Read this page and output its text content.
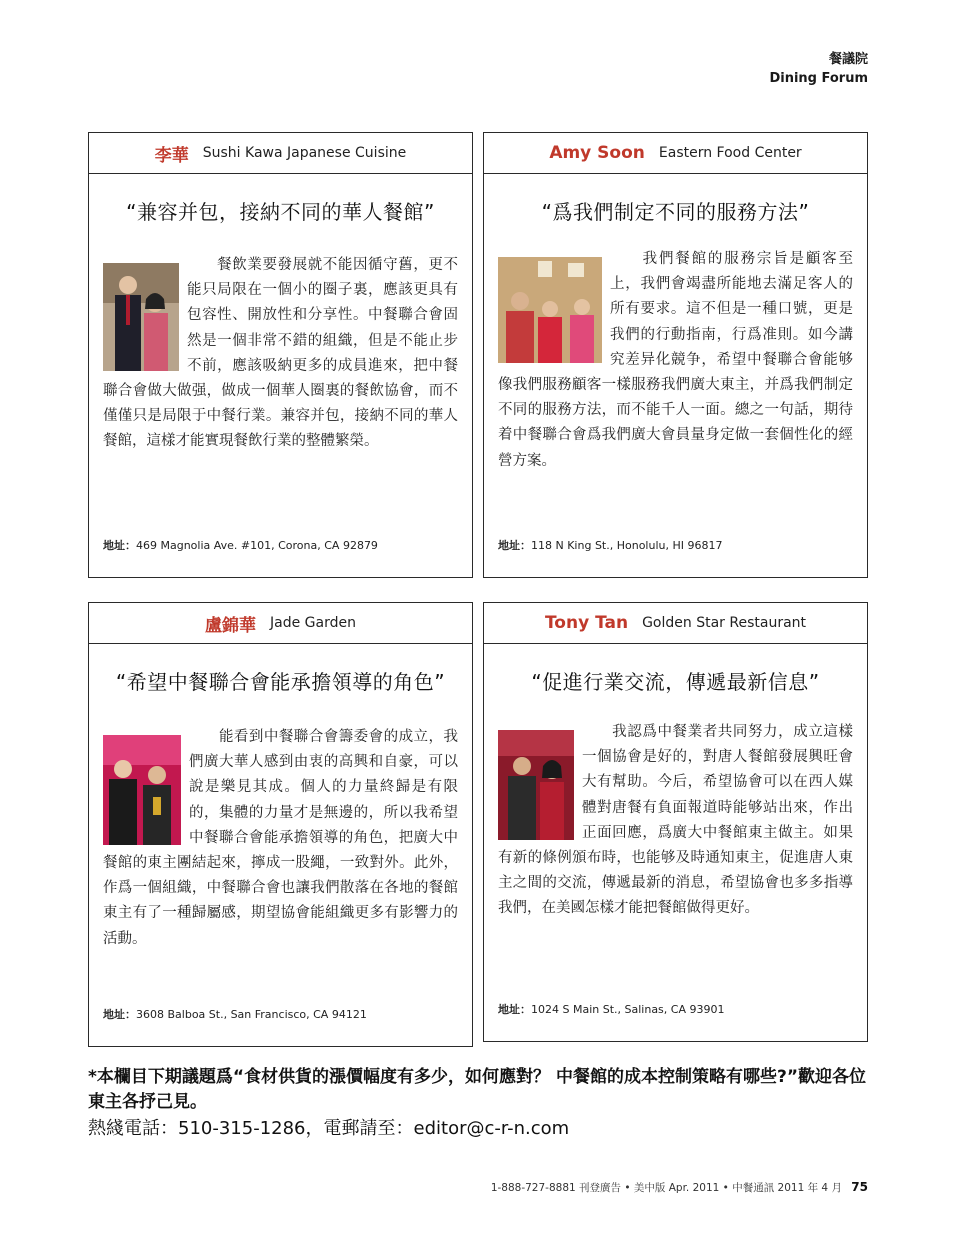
餐議院
Dining Forum
李華 Sushi Kawa Japanese Cuisine
“兼容并包，接納不同的華人餐館”
　　餐飲業要發展就不能因循守舊，更不能只局限在一個小的圈子裏，應該更具有包容性、開放性和分享性。中餐聯合會固然是一個非常不錯的組織，但是不能止步不前，應該吸納更多的成員進來，把中餐聯合會做大做强，做成一個華人圈裏的餐飲協會，而不僅僅只是局限于中餐行業。兼容并包，接納不同的華人餐館，這樣才能實現餐飲行業的整體繁榮。
地址：469 Magnolia Ave. #101, Corona, CA 92879
Amy Soon Eastern Food Center
“爲我們制定不同的服務方法”
　　我們餐館的服務宗旨是顧客至上，我們會竭盡所能地去滿足客人的所有要求。這不但是一種口號，更是我們的行動指南，行爲准則。如今講究差异化競争，希望中餐聯合會能够像我們服務顧客一樣服務我們廣大東主，并爲我們制定不同的服務方法，而不能千人一面。總之一句話，期待着中餐聯合會爲我們廣大會員量身定做一套個性化的經營方案。
地址：118 N King St., Honolulu, HI 96817
盧錦華 Jade Garden
“希望中餐聯合會能承擔領導的角色”
　　能看到中餐聯合會籌委會的成立，我們廣大華人感到由衷的高興和自豪，可以說是樂見其成。個人的力量終歸是有限的，集體的力量才是無邊的，所以我希望中餐聯合會能承擔領導的角色，把廣大中餐館的東主團結起來，擰成一股繩，一致對外。此外，作爲一個組織，中餐聯合會也讓我們散落在各地的餐館東主有了一種歸屬感，期望協會能組織更多有影響力的活動。
地址：3608 Balboa St., San Francisco, CA 94121
Tony Tan Golden Star Restaurant
“促進行業交流，傳遞最新信息”
　　我認爲中餐業者共同努力，成立這樣一個協會是好的，對唐人餐館發展興旺會大有幫助。今后，希望協會可以在西人媒體對唐餐有負面報道時能够站出來，作出正面回應，爲廣大中餐館東主做主。如果有新的條例頒布時，也能够及時通知東主，促進唐人東主之間的交流，傳遞最新的消息，希望協會也多多指導我們，在美國怎樣才能把餐館做得更好。
地址：1024 S Main St., Salinas, CA 93901
*本欄目下期議題爲“食材供貨的漲價幅度有多少，如何應對？ 中餐館的成本控制策略有哪些?”歡迎各位東主各抒己見。
熱綫電話：510-315-1286，電郵請至：editor@c-r-n.com
1-888-727-8881 刊登廣告 • 美中版 Apr. 2011 • 中餐通訊 2011 年 4 月 75
